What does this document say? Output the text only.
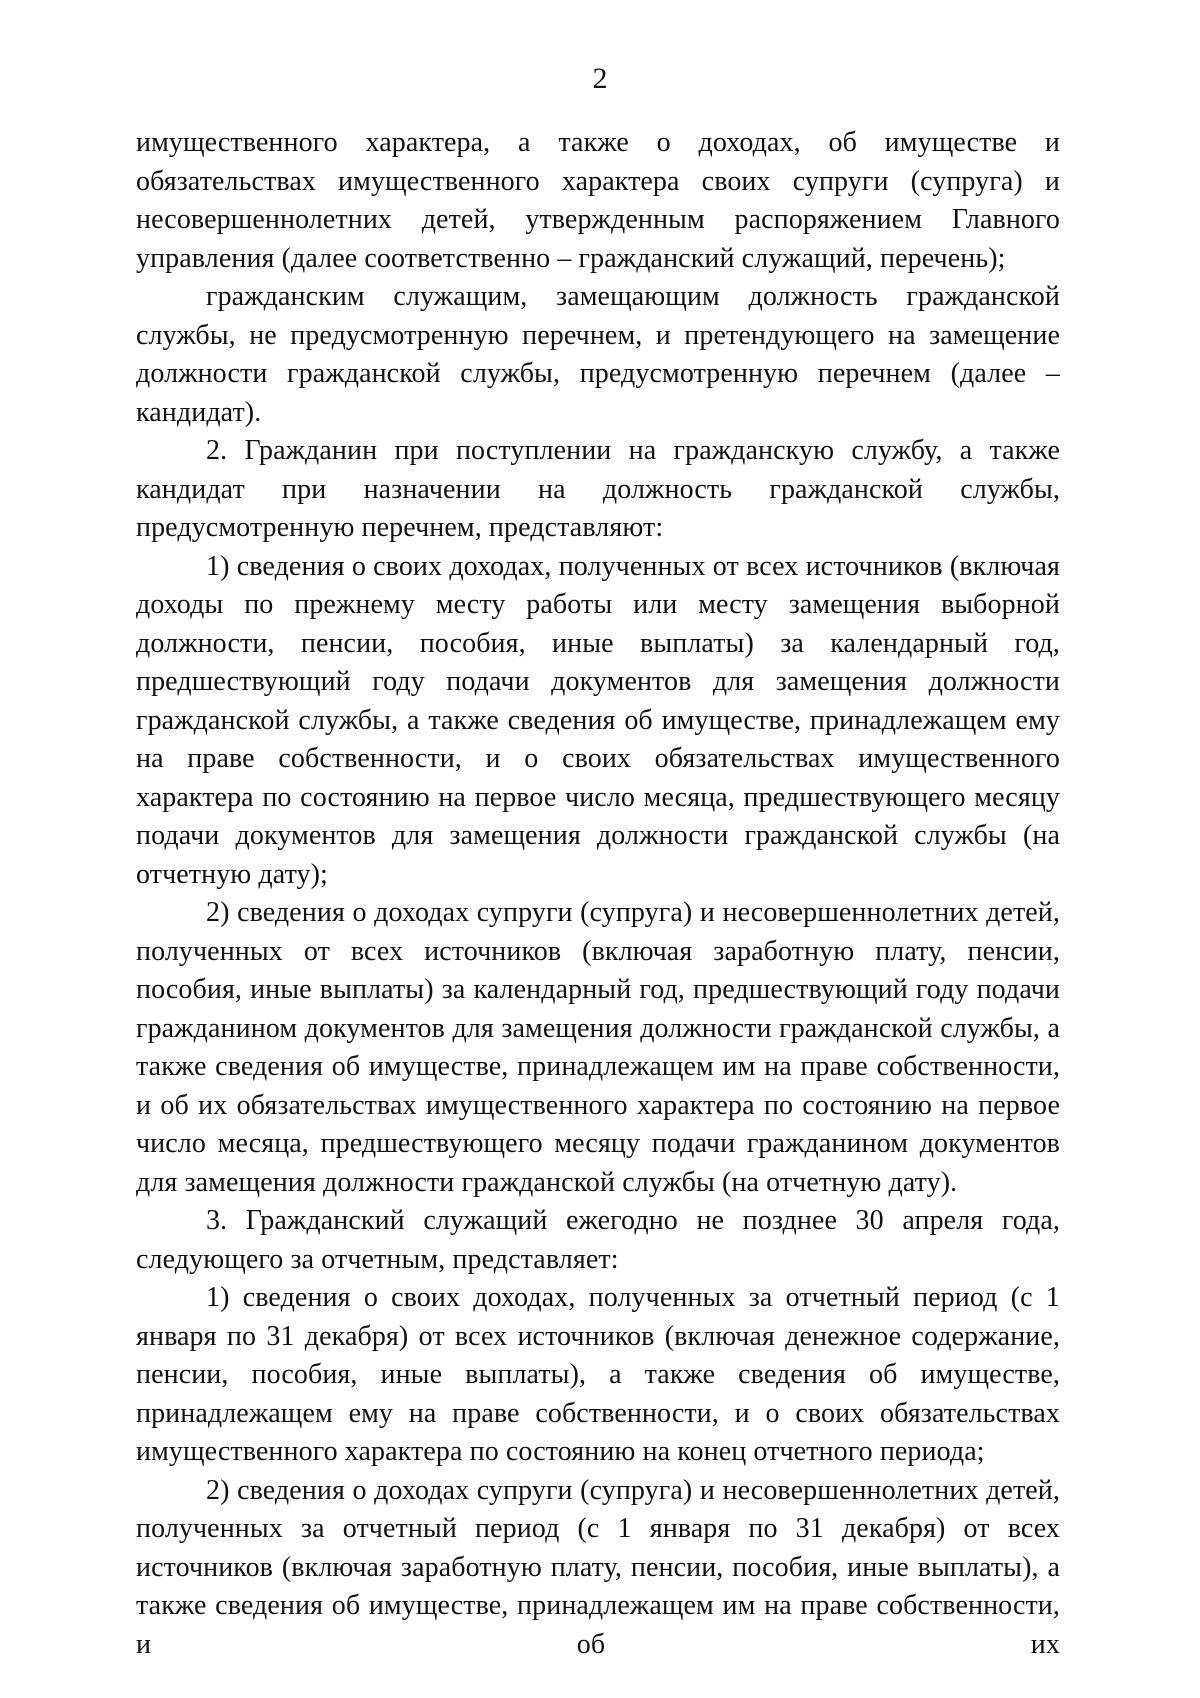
2

имущественного характера, а также о доходах, об имуществе и обязательствах имущественного характера своих супруги (супруга) и несовершеннолетних детей, утвержденным распоряжением Главного управления (далее соответственно – гражданский служащий, перечень);

гражданским служащим, замещающим должность гражданской службы, не предусмотренную перечнем, и претендующего на замещение должности гражданской службы, предусмотренную перечнем (далее – кандидат).

2. Гражданин при поступлении на гражданскую службу, а также кандидат при назначении на должность гражданской службы, предусмотренную перечнем, представляют:

1) сведения о своих доходах, полученных от всех источников (включая доходы по прежнему месту работы или месту замещения выборной должности, пенсии, пособия, иные выплаты) за календарный год, предшествующий году подачи документов для замещения должности гражданской службы, а также сведения об имуществе, принадлежащем ему на праве собственности, и о своих обязательствах имущественного характера по состоянию на первое число месяца, предшествующего месяцу подачи документов для замещения должности гражданской службы (на отчетную дату);

2) сведения о доходах супруги (супруга) и несовершеннолетних детей, полученных от всех источников (включая заработную плату, пенсии, пособия, иные выплаты) за календарный год, предшествующий году подачи гражданином документов для замещения должности гражданской службы, а также сведения об имуществе, принадлежащем им на праве собственности, и об их обязательствах имущественного характера по состоянию на первое число месяца, предшествующего месяцу подачи гражданином документов для замещения должности гражданской службы (на отчетную дату).

3. Гражданский служащий ежегодно не позднее 30 апреля года, следующего за отчетным, представляет:

1) сведения о своих доходах, полученных за отчетный период (с 1 января по 31 декабря) от всех источников (включая денежное содержание, пенсии, пособия, иные выплаты), а также сведения об имуществе, принадлежащем ему на праве собственности, и о своих обязательствах имущественного характера по состоянию на конец отчетного периода;

2) сведения о доходах супруги (супруга) и несовершеннолетних детей, полученных за отчетный период (с 1 января по 31 декабря) от всех источников (включая заработную плату, пенсии, пособия, иные выплаты), а также сведения об имуществе, принадлежащем им на праве собственности, и об их
